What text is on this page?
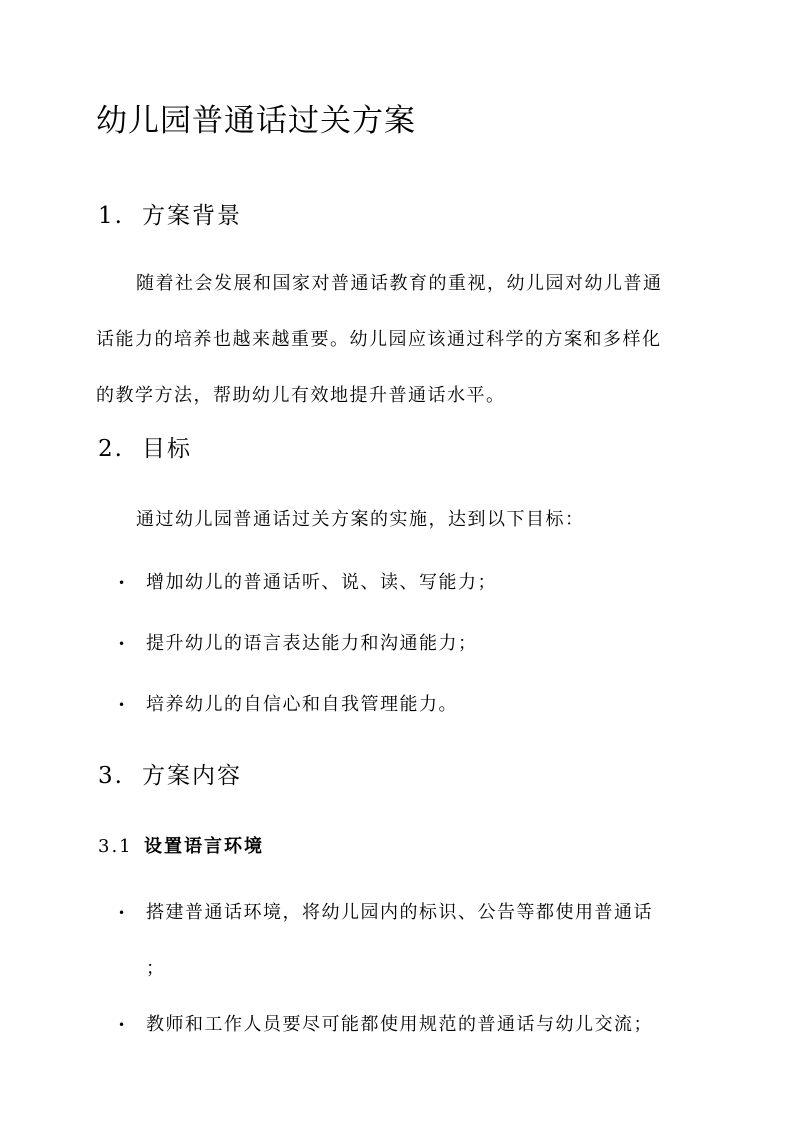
幼儿园普通话过关方案
1. 方案背景
随着社会发展和国家对普通话教育的重视，幼儿园对幼儿普通
话能力的培养也越来越重要。幼儿园应该通过科学的方案和多样化
的教学方法，帮助幼儿有效地提升普通话水平。
2. 目标
通过幼儿园普通话过关方案的实施，达到以下目标：
• 增加幼儿的普通话听、说、读、写能力；
• 提升幼儿的语言表达能力和沟通能力；
• 培养幼儿的自信心和自我管理能力。
3. 方案内容
3.1 设置语言环境
• 搭建普通话环境，将幼儿园内的标识、公告等都使用普通话
；
• 教师和工作人员要尽可能都使用规范的普通话与幼儿交流；
